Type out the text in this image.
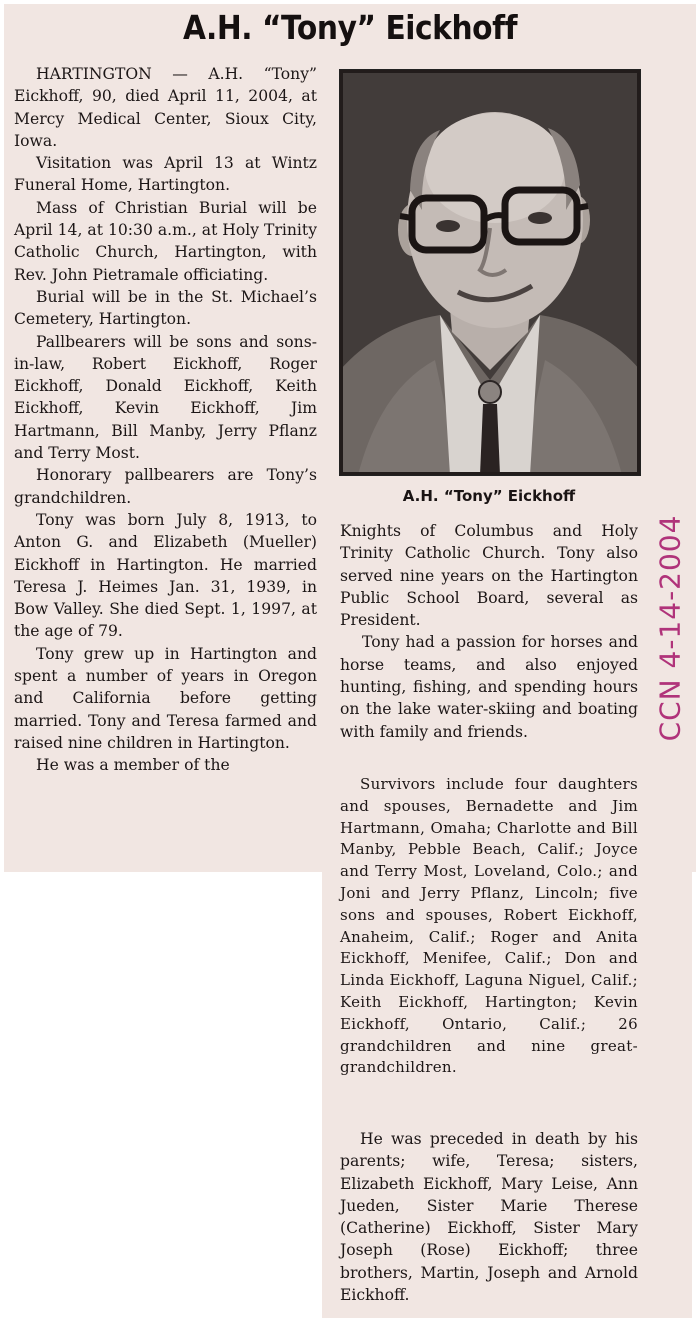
A.H. “Tony” Eickhoff

HARTINGTON — A.H. “Tony” Eickhoff, 90, died April 11, 2004, at Mercy Medical Center, Sioux City, Iowa.

Visitation was April 13 at Wintz Funeral Home, Hartington.

Mass of Christian Burial will be April 14, at 10:30 a.m., at Holy Trinity Catholic Church, Hartington, with Rev. John Pietramale officiating.

Burial will be in the St. Michael’s Cemetery, Hartington.

Pallbearers will be sons and sons-in-law, Robert Eickhoff, Roger Eickhoff, Donald Eickhoff, Keith Eickhoff, Kevin Eickhoff, Jim Hartmann, Bill Manby, Jerry Pflanz and Terry Most.

Honorary pallbearers are Tony’s grandchildren.

Tony was born July 8, 1913, to Anton G. and Elizabeth (Mueller) Eickhoff in Hartington. He married Teresa J. Heimes Jan. 31, 1939, in Bow Valley. She died Sept. 1, 1997, at the age of 79.

Tony grew up in Hartington and spent a number of years in Oregon and California before getting married. Tony and Teresa farmed and raised nine children in Hartington.

He was a member of the

A.H. “Tony” Eickhoff

Knights of Columbus and Holy Trinity Catholic Church. Tony also served nine years on the Hartington Public School Board, several as President.

Tony had a passion for horses and horse teams, and also enjoyed hunting, fishing, and spending hours on the lake water-skiing and boating with family and friends.

Survivors include four daughters and spouses, Bernadette and Jim Hartmann, Omaha; Charlotte and Bill Manby, Pebble Beach, Calif.; Joyce and Terry Most, Loveland, Colo.; and Joni and Jerry Pflanz, Lincoln; five sons and spouses, Robert Eickhoff, Anaheim, Calif.; Roger and Anita Eickhoff, Menifee, Calif.; Don and Linda Eickhoff, Laguna Niguel, Calif.; Keith Eickhoff, Hartington; Kevin Eickhoff, Ontario, Calif.; 26 grandchildren and nine great-grandchildren.

He was preceded in death by his parents; wife, Teresa; sisters, Elizabeth Eickhoff, Mary Leise, Ann Jueden, Sister Marie Therese (Catherine) Eickhoff, Sister Mary Joseph (Rose) Eickhoff; three brothers, Martin, Joseph and Arnold Eickhoff.

CCN 4-14-2004
